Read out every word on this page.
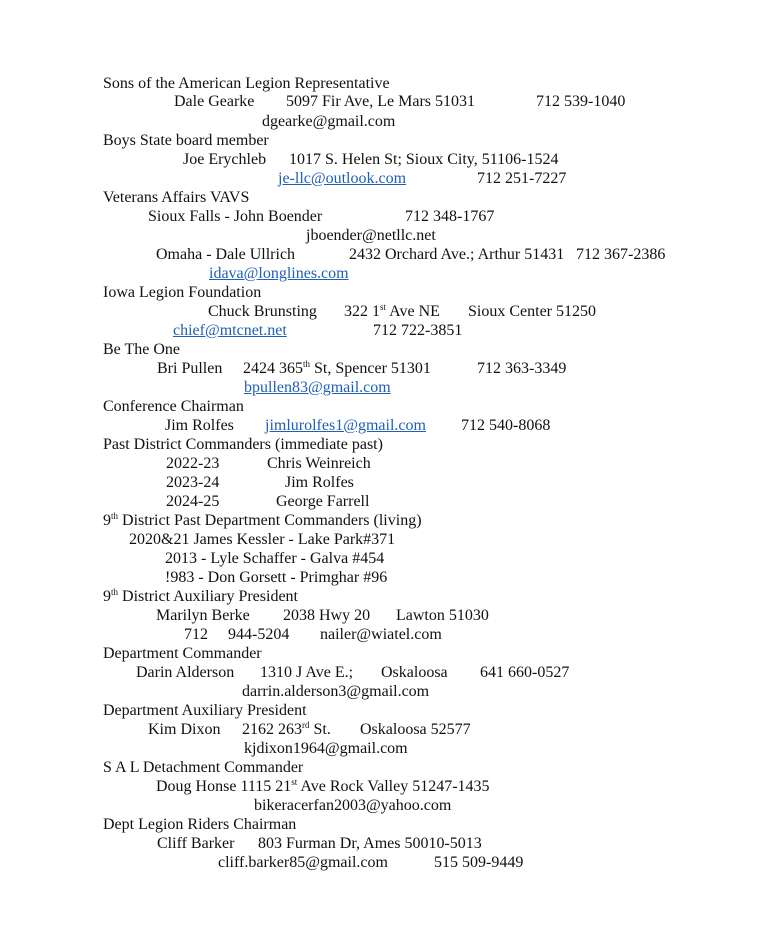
Sons of the American Legion Representative
Dale Gearke 5097 Fir Ave, Le Mars 51031	712 539-1040
dgearke@gmail.com
Boys State board member
Joe Erychleb 1017 S. Helen St; Sioux City, 51106-1524
je-llc@outlook.com	712 251-7227
Veterans Affairs VAVS
Sioux Falls - John Boender	712 348-1767
jboender@netllc.net
Omaha - Dale Ullrich	2432 Orchard Ave.; Arthur 51431 712 367-2386
idava@longlines.com
Iowa Legion Foundation
Chuck Brunsting 322 1st Ave NE Sioux Center 51250
chief@mtcnet.net	712 722-3851
Be The One
Bri Pullen 2424 365th St, Spencer 51301	712 363-3349
bpullen83@gmail.com
Conference Chairman
Jim Rolfes jimlurolfes1@gmail.com 712 540-8068
Past District Commanders (immediate past)
2022-23	Chris Weinreich
2023-24	Jim Rolfes
2024-25	George Farrell
9th District Past Department Commanders (living)
2020&21 James Kessler - Lake Park#371
2013 - Lyle Schaffer - Galva #454
!983 - Don Gorsett - Primghar #96
9th District Auxiliary President
Marilyn Berke 2038 Hwy 20 Lawton 51030
712 944-5204 nailer@wiatel.com
Department Commander
Darin Alderson 1310 J Ave E.; Oskaloosa 641 660-0527
darrin.alderson3@gmail.com
Department Auxiliary President
Kim Dixon 2162 263rd St. Oskaloosa 52577
kjdixon1964@gmail.com
S A L Detachment Commander
Doug Honse 1115 21st Ave Rock Valley 51247-1435
bikeracerfan2003@yahoo.com
Dept Legion Riders Chairman
Cliff Barker 803 Furman Dr, Ames 50010-5013
cliff.barker85@gmail.com	515 509-9449
